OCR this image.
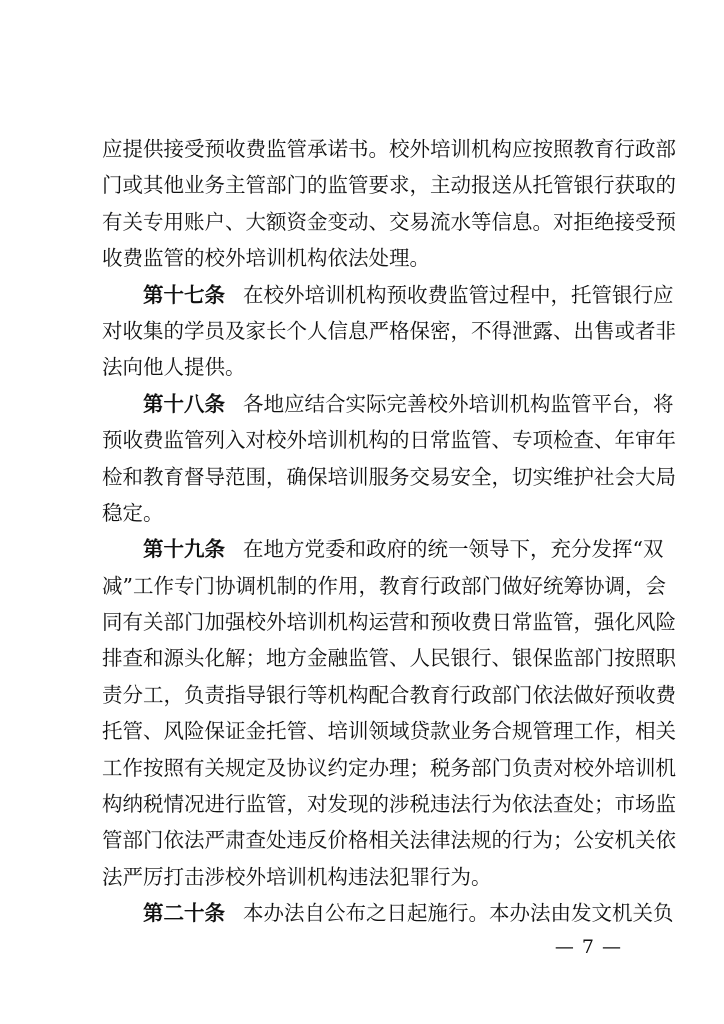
应提供接受预收费监管承诺书。校外培训机构应按照教育行政部
门或其他业务主管部门的监管要求，主动报送从托管银行获取的
有关专用账户、大额资金变动、交易流水等信息。对拒绝接受预
收费监管的校外培训机构依法处理。
第十七条 在校外培训机构预收费监管过程中，托管银行应
对收集的学员及家长个人信息严格保密，不得泄露、出售或者非
法向他人提供。
第十八条 各地应结合实际完善校外培训机构监管平台，将
预收费监管列入对校外培训机构的日常监管、专项检查、年审年
检和教育督导范围，确保培训服务交易安全，切实维护社会大局
稳定。
第十九条 在地方党委和政府的统一领导下，充分发挥“双
减”工作专门协调机制的作用，教育行政部门做好统筹协调，会
同有关部门加强校外培训机构运营和预收费日常监管，强化风险
排查和源头化解；地方金融监管、人民银行、银保监部门按照职
责分工，负责指导银行等机构配合教育行政部门依法做好预收费
托管、风险保证金托管、培训领域贷款业务合规管理工作，相关
工作按照有关规定及协议约定办理；税务部门负责对校外培训机
构纳税情况进行监管，对发现的涉税违法行为依法查处；市场监
管部门依法严肃查处违反价格相关法律法规的行为；公安机关依
法严厉打击涉校外培训机构违法犯罪行为。
第二十条 本办法自公布之日起施行。本办法由发文机关负
— 7 —
